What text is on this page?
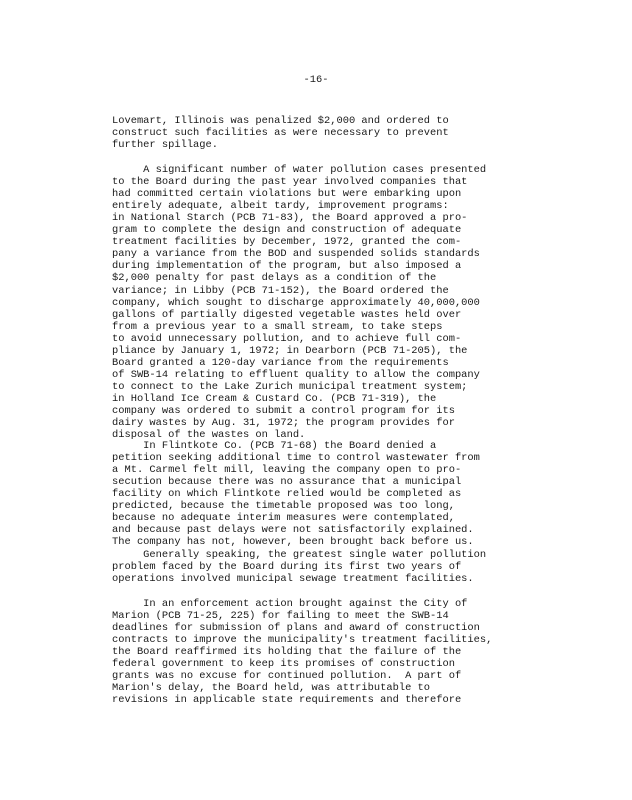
-16-
Lovemart, Illinois was penalized $2,000 and ordered to
construct such facilities as were necessary to prevent
further spillage.
A significant number of water pollution cases presented
to the Board during the past year involved companies that
had committed certain violations but were embarking upon
entirely adequate, albeit tardy, improvement programs:
in National Starch (PCB 71-83), the Board approved a pro-
gram to complete the design and construction of adequate
treatment facilities by December, 1972, granted the com-
pany a variance from the BOD and suspended solids standards
during implementation of the program, but also imposed a
$2,000 penalty for past delays as a condition of the
variance; in Libby (PCB 71-152), the Board ordered the
company, which sought to discharge approximately 40,000,000
gallons of partially digested vegetable wastes held over
from a previous year to a small stream, to take steps
to avoid unnecessary pollution, and to achieve full com-
pliance by January 1, 1972; in Dearborn (PCB 71-205), the
Board granted a 120-day variance from the requirements
of SWB-14 relating to effluent quality to allow the company
to connect to the Lake Zurich municipal treatment system;
in Holland Ice Cream & Custard Co. (PCB 71-319), the
company was ordered to submit a control program for its
dairy wastes by Aug. 31, 1972; the program provides for
disposal of the wastes on land.
In Flintkote Co. (PCB 71-68) the Board denied a
petition seeking additional time to control wastewater from
a Mt. Carmel felt mill, leaving the company open to pro-
secution because there was no assurance that a municipal
facility on which Flintkote relied would be completed as
predicted, because the timetable proposed was too long,
because no adequate interim measures were contemplated,
and because past delays were not satisfactorily explained.
The company has not, however, been brought back before us.
Generally speaking, the greatest single water pollution
problem faced by the Board during its first two years of
operations involved municipal sewage treatment facilities.
In an enforcement action brought against the City of
Marion (PCB 71-25, 225) for failing to meet the SWB-14
deadlines for submission of plans and award of construction
contracts to improve the municipality's treatment facilities,
the Board reaffirmed its holding that the failure of the
federal government to keep its promises of construction
grants was no excuse for continued pollution.  A part of
Marion's delay, the Board held, was attributable to
revisions in applicable state requirements and therefore
